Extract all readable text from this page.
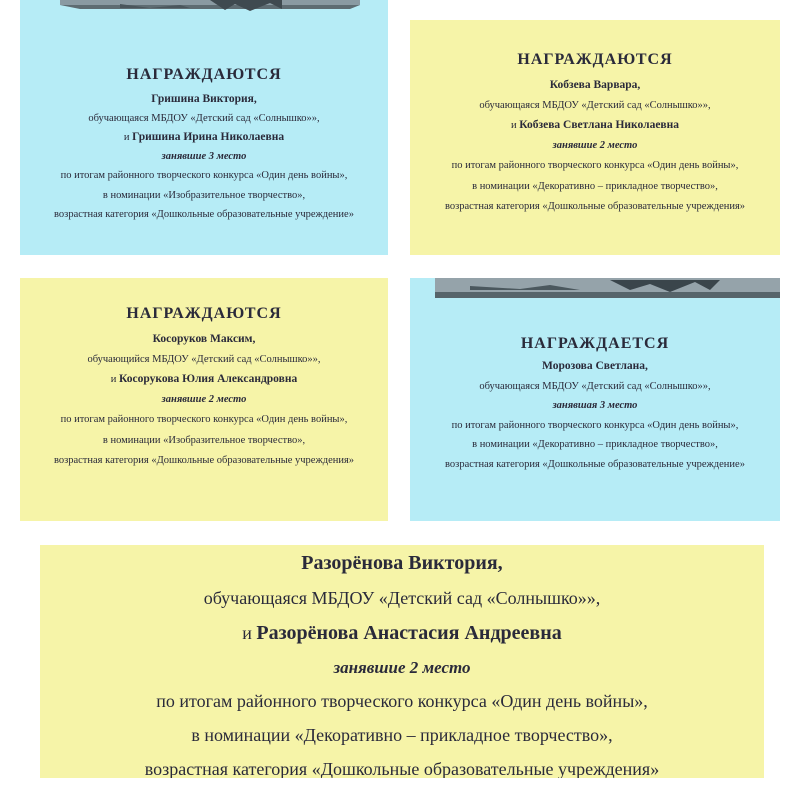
НАГРАЖДАЮТСЯ
Гришина Виктория,
обучающаяся МБДОУ «Детский сад «Солнышко»»,
и Гришина Ирина Николаевна
занявшие 3 место
по итогам районного творческого конкурса «Один день войны»,
в номинации «Изобразительное творчество»,
возрастная категория «Дошкольные образовательные учреждение»
НАГРАЖДАЮТСЯ
Кобзева Варвара,
обучающаяся МБДОУ «Детский сад «Солнышко»»,
и Кобзева Светлана Николаевна
занявшие 2 место
по итогам районного творческого конкурса «Один день войны»,
в номинации «Декоративно – прикладное творчество»,
возрастная категория «Дошкольные образовательные учреждения»
НАГРАЖДАЮТСЯ
Косоруков Максим,
обучающийся МБДОУ «Детский сад «Солнышко»»,
и Косорукова Юлия Александровна
занявшие 2 место
по итогам районного творческого конкурса «Один день войны»,
в номинации «Изобразительное творчество»,
возрастная категория «Дошкольные образовательные учреждения»
НАГРАЖДАЕТСЯ
Морозова Светлана,
обучающаяся МБДОУ «Детский сад «Солнышко»»,
занявшая 3 место
по итогам районного творческого конкурса «Один день войны»,
в номинации «Декоративно – прикладное творчество»,
возрастная категория «Дошкольные образовательные учреждение»
Разорёнова Виктория,
обучающаяся МБДОУ «Детский сад «Солнышко»»,
и Разорёнова Анастасия Андреевна
занявшие 2 место
по итогам районного творческого конкурса «Один день войны»,
в номинации «Декоративно – прикладное творчество»,
возрастная категория «Дошкольные образовательные учреждения»
